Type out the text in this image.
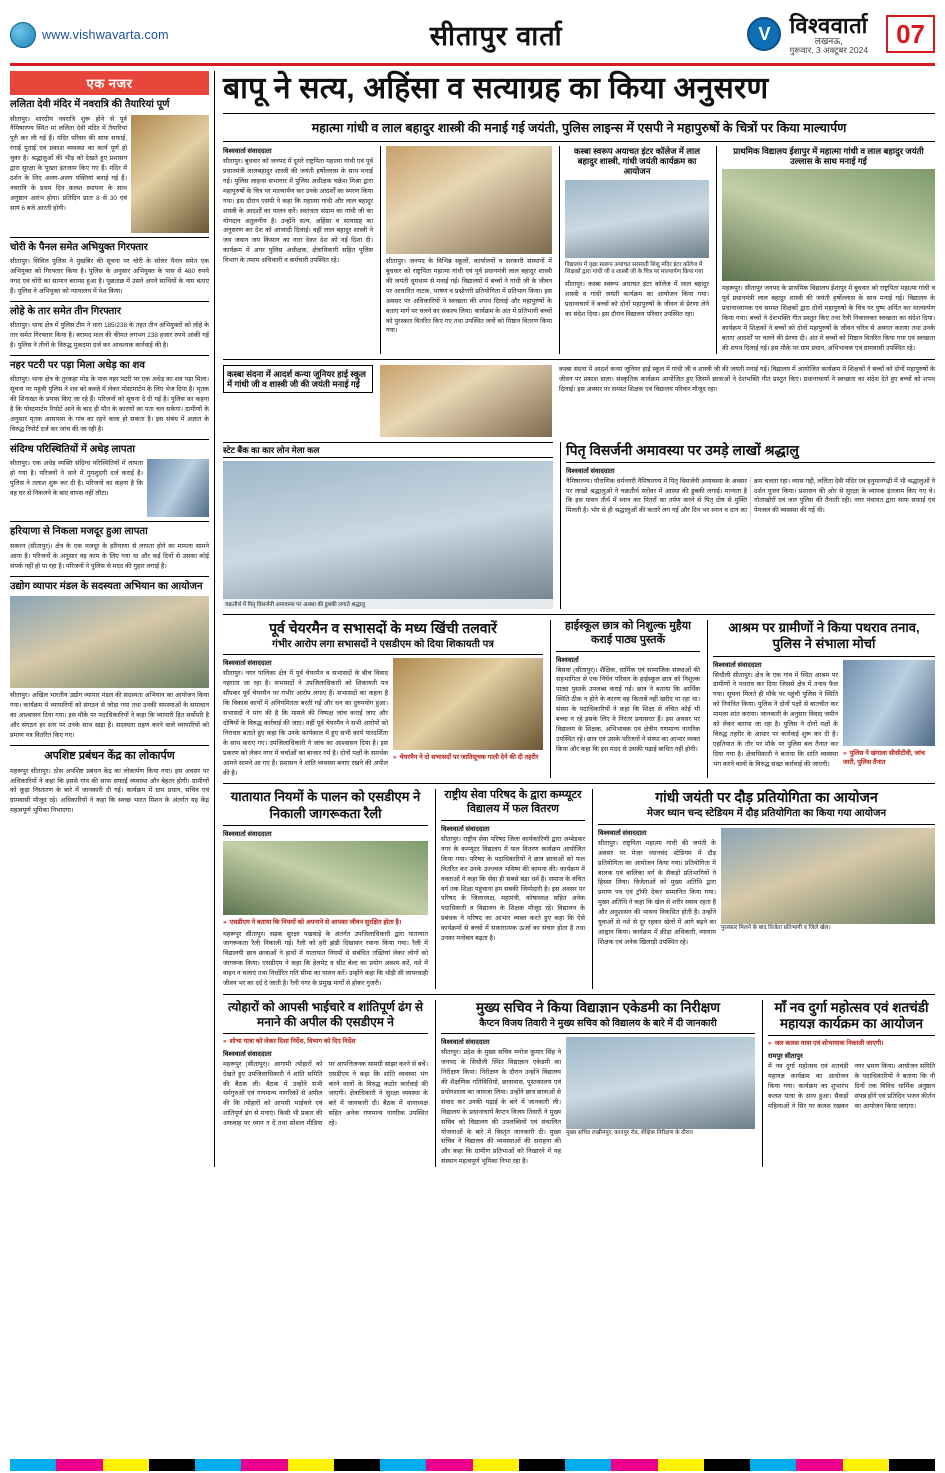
www.vishwavarta.com	सीतापुर वार्ता	V विश्ववार्ता
लखनऊ,
गुरूवार, 3 अक्टूबर 2024
07
एक नजर
ललिता देवी मंदिर में नवरात्रि की तैयारियां पूर्ण
सीतापुर। शारदीय नवरात्रि शुरू होने से पूर्व नैमिषारण्य स्थित मां ललिता देवी मंदिर में तैयारियां पूरी कर ली गई हैं। मंदिर परिसर की साफ सफाई, रंगाई पुताई एवं प्रकाश व्यवस्था का कार्य पूर्ण हो चुका है। श्रद्धालुओं की भीड़ को देखते हुए प्रशासन द्वारा सुरक्षा के पुख्ता इंतजाम किए गए हैं। मंदिर में दर्शन के लिए अलग-अलग पंक्तियां बनाई गई हैं। नवरात्रि के प्रथम दिन कलश स्थापना के साथ अनुष्ठान आरंभ होगा। प्रतिदिन प्रातः 8 से 30 एवं सायं 6 बजे आरती होगी।
चोरी के पैनल समेत अभियुक्त गिरफ्तार
सीतापुर। सिविल पुलिस ने मुखबिर की सूचना पर चोरी के सोलर पैनल समेत एक अभियुक्त को गिरफ्तार किया है। पुलिस के अनुसार अभियुक्त के पास से 480 रुपये नगद एवं चोरी का सामान बरामद हुआ है। पूछताछ में उसने अपने साथियों के नाम बताए हैं। पुलिस ने अभियुक्त को न्यायालय में पेश किया।
लोहे के तार समेत तीन गिरफ्तार
सीतापुर। थाना क्षेत्र में पुलिस टीम ने धारा 185/238 के तहत तीन अभियुक्तों को लोहे के तार समेत गिरफ्तार किया है। बरामद माल की कीमत लगभग 238 हजार रुपये आंकी गई है। पुलिस ने तीनों के विरुद्ध मुकदमा दर्ज कर आवश्यक कार्रवाई की है।
नहर पटरी पर पड़ा मिला अधेड़ का शव
सीतापुर। थाना क्षेत्र के तुरकहा मोड़ के पास नहर पटरी पर एक अधेड़ का शव पड़ा मिला। सूचना पर पहुंची पुलिस ने शव को कब्जे में लेकर पोस्टमार्टम के लिए भेज दिया है। मृतक की शिनाख्त के प्रयास किए जा रहे हैं। परिजनों को सूचना दे दी गई है। पुलिस का कहना है कि पोस्टमार्टम रिपोर्ट आने के बाद ही मौत के कारणों का पता चल सकेगा। ग्रामीणों के अनुसार मृतक आसपास के गांव का रहने वाला हो सकता है। इस संबंध में अज्ञात के विरुद्ध रिपोर्ट दर्ज कर जांच की जा रही है।
संदिग्ध परिस्थितियों में अधेड़ लापता
सीतापुर। एक अधेड़ व्यक्ति संदिग्ध परिस्थितियों में लापता हो गया है। परिजनों ने थाने में गुमशुदगी दर्ज कराई है। पुलिस ने तलाश शुरू कर दी है। परिजनों का कहना है कि वह घर से निकलने के बाद वापस नहीं लौटा।
हरियाणा से निकला मजदूर हुआ लापता
सकरन (सीतापुर)। क्षेत्र के एक मजदूर के हरियाणा से लापता होने का मामला सामने आया है। परिजनों के अनुसार वह काम के लिए गया था और कई दिनों से उसका कोई संपर्क नहीं हो पा रहा है। परिजनों ने पुलिस से मदद की गुहार लगाई है।
उद्योग व्यापार मंडल के सदस्यता अभियान का आयोजन
सीतापुर। अखिल भारतीय उद्योग व्यापार मंडल की सदस्यता अभियान का आयोजन किया गया। कार्यक्रम में व्यापारियों को संगठन से जोड़ा गया तथा उनकी समस्याओं के समाधान का आश्वासन दिया गया। इस मौके पर पदाधिकारियों ने कहा कि व्यापारी हित सर्वोपरि है और संगठन हर स्तर पर उनके साथ खड़ा है। सदस्यता ग्रहण करने वाले व्यापारियों को प्रमाण पत्र वितरित किए गए।
अपशिष्ट प्रबंधन केंद्र का लोकार्पण
महरूपुर सीतापुर। ठोस अपशिष्ट प्रबंधन केंद्र का लोकार्पण किया गया। इस अवसर पर अधिकारियों ने कहा कि इससे गांव की साफ सफाई व्यवस्था और बेहतर होगी। ग्रामीणों को कूड़ा निस्तारण के बारे में जानकारी दी गई। कार्यक्रम में ग्राम प्रधान, सचिव एवं ग्रामवासी मौजूद रहे। अधिकारियों ने कहा कि स्वच्छ भारत मिशन के अंतर्गत यह केंद्र महत्वपूर्ण भूमिका निभाएगा।
बापू ने सत्य, अहिंसा व सत्याग्रह का किया अनुसरण
महात्मा गांधी व लाल बहादुर शास्त्री की मनाई गई जयंती, पुलिस लाइन्स में एसपी ने महापुरुषों के चित्रों पर किया माल्यार्पण
विश्ववार्ता संवाददाता
सीतापुर। बुधवार को जनपद में दूसरे राष्ट्रपिता महात्मा गांधी एवं पूर्व प्रधानमंत्री लालबहादुर शास्त्री की जयंती हर्षोल्लास के साथ मनाई गई। पुलिस लाइन्स सभागार में पुलिस अधीक्षक चक्रेश मिश्रा द्वारा महापुरुषों के चित्र पर माल्यार्पण कर उनके आदर्शों का स्मरण किया गया। इस दौरान एसपी ने कहा कि महात्मा गांधी और लाल बहादुर शास्त्री के आदर्शों का पालन करें। स्वतंत्रता संग्राम का गांधी जी का योगदान अतुलनीय है। उन्होंने सत्य, अहिंसा व सत्याग्रह का अनुसरण कर देश को आजादी दिलाई। वहीं लाल बहादुर शास्त्री ने जय जवान जय किसान का नारा देकर देश को नई दिशा दी। कार्यक्रम में अपर पुलिस अधीक्षक, क्षेत्राधिकारी सहित पुलिस विभाग के तमाम अधिकारी व कर्मचारी उपस्थित रहे।	सीतापुर। जनपद के विभिन्न स्कूलों, कार्यालयों व सरकारी संस्थानों में बुधवार को राष्ट्रपिता महात्मा गांधी एवं पूर्व प्रधानमंत्री लाल बहादुर शास्त्री की जयंती धूमधाम से मनाई गई। विद्यालयों में बच्चों ने गांधी जी के जीवन पर आधारित नाटक, भाषण व प्रश्नोत्तरी प्रतियोगिता में प्रतिभाग किया। इस अवसर पर अधिकारियों ने स्वच्छता की शपथ दिलाई और महापुरुषों के बताए मार्ग पर चलने का संकल्प लिया। कार्यक्रम के अंत में प्रतिभागी बच्चों को पुरस्कार वितरित किए गए तथा उपस्थित जनों को मिष्ठान वितरण किया गया।
कस्बा स्वरूप अयाचत इंटर कॉलेज में लाल बहादुर शास्त्री, गांधी जयंती कार्यक्रम का आयोजन
विद्यालय में वृक्षा स्वरूप अयाचत सरस्वती शिशु मंदिर इंटर कॉलेज में शिक्षकों द्वारा गांधी जी व शास्त्री जी के चित्र पर माल्यार्पण किया गया
सीतापुर। कस्बा स्वरूप अयाचत इंटर कॉलेज में लाल बहादुर शास्त्री व गांधी जयंती कार्यक्रम का आयोजन किया गया। प्रधानाचार्य ने बच्चों को दोनों महापुरुषों के जीवन से प्रेरणा लेने का संदेश दिया। इस दौरान विद्यालय परिवार उपस्थित रहा।
प्राथमिक विद्यालय ईशापुर में महात्मा गांधी व लाल बहादुर जयंती उल्लास के साथ मनाई गई
महरूपुर। सीतापुर जनपद के प्राथमिक विद्यालय ईशापुर में बुधवार को राष्ट्रपिता महात्मा गांधी व पूर्व प्रधानमंत्री लाल बहादुर शास्त्री की जयंती हर्षोल्लास के साथ मनाई गई। विद्यालय के प्रधानाध्यापक एवं समस्त शिक्षकों द्वारा दोनों महापुरुषों के चित्र पर पुष्प अर्पित कर माल्यार्पण किया गया। बच्चों ने देशभक्ति गीत प्रस्तुत किए तथा रैली निकालकर स्वच्छता का संदेश दिया। कार्यक्रम में शिक्षकों ने बच्चों को दोनों महापुरुषों के जीवन चरित्र से अवगत कराया तथा उनके बताए आदर्शों पर चलने की प्रेरणा दी। अंत में बच्चों को मिष्ठान वितरित किया गया एवं स्वच्छता की शपथ दिलाई गई। इस मौके पर ग्राम प्रधान, अभिभावक एवं ग्रामवासी उपस्थित रहे।
कस्बा संदना में आदर्श कन्या जूनियर हाई स्कूल में गांधी जी व शास्त्री जी की जयंती मनाई गई
कस्बा संदना में आदर्श कन्या जूनियर हाई स्कूल में गांधी जी व शास्त्री जी की जयंती मनाई गई। विद्यालय में आयोजित कार्यक्रम में शिक्षकों ने बच्चों को दोनों महापुरुषों के जीवन पर प्रकाश डाला। संस्कृतिक कार्यक्रम आयोजित हुए जिसमें छात्राओं ने देशभक्ति गीत प्रस्तुत किए। प्रधानाचार्या ने स्वच्छता का संदेश देते हुए बच्चों को शपथ दिलाई। इस अवसर पर समस्त शिक्षक एवं विद्यालय परिवार मौजूद रहा।
स्टेट बैंक का कार लोन मेला कल
चक्रतीर्थ में पितृ विसर्जनी अमावस्या पर आस्था की डुबकी लगाते श्रद्धालु
पितृ विसर्जनी अमावस्या पर उमड़े लाखों श्रद्धालु
विश्ववार्ता संवाददाता
नैमिषारण्य। पौराणिक धर्मनगरी नैमिषारण्य में पितृ विसर्जनी अमावस्या के अवसर पर लाखों श्रद्धालुओं ने चक्रतीर्थ सरोवर में आस्था की डुबकी लगाई। मान्यता है कि इस पावन तीर्थ में स्नान कर पितरों का तर्पण करने से पितृ दोष से मुक्ति मिलती है। भोर से ही श्रद्धालुओं की कतारें लग गईं और दिन भर स्नान व दान का क्रम चलता रहा। व्यास गद्दी, ललिता देवी मंदिर एवं हनुमानगढ़ी में भी श्रद्धालुओं ने दर्शन पूजन किया। प्रशासन की ओर से सुरक्षा के व्यापक इंतजाम किए गए थे। गोताखोरों एवं जल पुलिस की तैनाती रही। नगर पंचायत द्वारा साफ सफाई एवं पेयजल की व्यवस्था की गई थी।
पूर्व चेयरमैन व सभासदों के मध्य खिंची तलवारें
गंभीर आरोप लगा सभासदों ने एसडीएम को दिया शिकायती पत्र
विश्ववार्ता संवाददाता
सीतापुर। नगर पालिका क्षेत्र में पूर्व चेयरमैन व सभासदों के बीच विवाद गहराता जा रहा है। सभासदों ने उपजिलाधिकारी को शिकायती पत्र सौंपकर पूर्व चेयरमैन पर गंभीर आरोप लगाए हैं। सभासदों का कहना है कि विकास कार्यों में अनियमितता बरती गई और धन का दुरुपयोग हुआ। सभासदों ने मांग की है कि मामले की निष्पक्ष जांच कराई जाए और दोषियों के विरुद्ध कार्रवाई की जाए। वहीं पूर्व चेयरमैन ने सभी आरोपों को निराधार बताते हुए कहा कि उनके कार्यकाल में हुए सभी कार्य पारदर्शिता के साथ कराए गए। उपजिलाधिकारी ने जांच का आश्वासन दिया है। इस प्रकरण को लेकर नगर में चर्चाओं का बाजार गर्म है। दोनों पक्षों के समर्थक आमने सामने आ गए हैं। प्रशासन ने शांति व्यवस्था बनाए रखने की अपील की है।
» चेयरमैन ने दो सभासदों पर जातिसूचक गाली देने की दी तहरीर
हाईस्कूल छात्र को निशुल्क मुहैया कराई पाठ्य पुस्तकें
विश्ववार्ता
बिसवां (सीतापुर)। शैक्षिक, धार्मिक एवं सामाजिक संस्थाओं की सहभागिता से एक निर्धन परिवार के हाईस्कूल छात्र को निशुल्क पाठ्य पुस्तकें उपलब्ध कराई गईं। छात्र ने बताया कि आर्थिक स्थिति ठीक न होने के कारण वह किताबें नहीं खरीद पा रहा था। संस्था के पदाधिकारियों ने कहा कि शिक्षा से वंचित कोई भी बच्चा न रहे इसके लिए वे निरंतर प्रयासरत हैं। इस अवसर पर विद्यालय के शिक्षक, अभिभावक एवं क्षेत्रीय गणमान्य नागरिक उपस्थित रहे। छात्र एवं उसके परिजनों ने संस्था का आभार व्यक्त किया और कहा कि इस मदद से उसकी पढ़ाई बाधित नहीं होगी।
आश्रम पर ग्रामीणों ने किया पथराव तनाव, पुलिस ने संभाला मोर्चा
विश्ववार्ता संवाददाता
सिधौली सीतापुर। क्षेत्र के एक गांव में स्थित आश्रम पर ग्रामीणों ने पथराव कर दिया जिससे क्षेत्र में तनाव फैल गया। सूचना मिलते ही मौके पर पहुंची पुलिस ने स्थिति को नियंत्रित किया। पुलिस ने दोनों पक्षों से बातचीत कर मामला शांत कराया। जानकारी के अनुसार विवाद जमीन को लेकर बताया जा रहा है। पुलिस ने दोनों पक्षों के विरुद्ध तहरीर के आधार पर कार्रवाई शुरू कर दी है। एहतियात के तौर पर मौके पर पुलिस बल तैनात कर दिया गया है। क्षेत्राधिकारी ने बताया कि शांति व्यवस्था भंग करने वालों के विरुद्ध सख्त कार्रवाई की जाएगी।
» पुलिस ने खंगाला सीसीटीवी, जांच जारी, पुलिस तैनात
यातायात नियमों के पालन को एसडीएम ने निकाली जागरूकता रैली
विश्ववार्ता संवाददाता
» एसडीएम ने बताया कि नियमों को अपनाने से आपका जीवन सुरक्षित होता है।
महरूपुर सीतापुर। सड़क सुरक्षा पखवाड़े के अंतर्गत उपजिलाधिकारी द्वारा यातायात जागरूकता रैली निकाली गई। रैली को हरी झंडी दिखाकर रवाना किया गया। रैली में विद्यालयी छात्र छात्राओं ने हाथों में यातायात नियमों से संबंधित तख्तियां लेकर लोगों को जागरूक किया। एसडीएम ने कहा कि हेलमेट व सीट बेल्ट का प्रयोग अवश्य करें, नशे में वाहन न चलाएं तथा निर्धारित गति सीमा का पालन करें। उन्होंने कहा कि थोड़ी सी लापरवाही जीवन भर का दर्द दे जाती है। रैली नगर के प्रमुख मार्गों से होकर गुजरी।
राष्ट्रीय सेवा परिषद के द्वारा कम्प्यूटर विद्यालय में फल वितरण
विश्ववार्ता संवाददाता
सीतापुर। राष्ट्रीय सेवा परिषद जिला कार्यकारिणी द्वारा अम्बेडकर नगर के कम्प्यूटर विद्यालय में फल वितरण कार्यक्रम आयोजित किया गया। परिषद के पदाधिकारियों ने छात्र छात्राओं को फल वितरित कर उनके उज्ज्वल भविष्य की कामना की। कार्यक्रम में वक्ताओं ने कहा कि सेवा ही सबसे बड़ा धर्म है। समाज के वंचित वर्ग तक शिक्षा पहुंचाना हम सबकी जिम्मेदारी है। इस अवसर पर परिषद के जिलाध्यक्ष, महामंत्री, कोषाध्यक्ष सहित अनेक पदाधिकारी व विद्यालय के शिक्षक मौजूद रहे। विद्यालय के प्रबंधक ने परिषद का आभार व्यक्त करते हुए कहा कि ऐसे कार्यक्रमों से बच्चों में सकारात्मक ऊर्जा का संचार होता है तथा उनका मनोबल बढ़ता है।
गांधी जयंती पर दौड़ प्रतियोगिता का आयोजन
मेजर ध्यान चन्द स्टेडियम में दौड़ प्रतियोगिता का किया गया आयोजन
विश्ववार्ता संवाददाता
सीतापुर। राष्ट्रपिता महात्मा गांधी की जयंती के अवसर पर मेजर ध्यानचंद स्टेडियम में दौड़ प्रतियोगिता का आयोजन किया गया। प्रतियोगिता में बालक एवं बालिका वर्ग के सैकड़ों प्रतिभागियों ने हिस्सा लिया। विजेताओं को मुख्य अतिथि द्वारा प्रमाण पत्र एवं ट्रॉफी देकर सम्मानित किया गया। मुख्य अतिथि ने कहा कि खेल से शरीर स्वस्थ रहता है और अनुशासन की भावना विकसित होती है। उन्होंने युवाओं से नशे से दूर रहकर खेलों में आगे बढ़ने का आह्वान किया। कार्यक्रम में क्रीड़ा अधिकारी, व्यायाम शिक्षक एवं अनेक खिलाड़ी उपस्थित रहे।
पुरस्कार मिलने के बाद विजेता प्रतिभागी व जिले खेल।
त्योहारों को आपसी भाईचारे व शांतिपूर्ण ढंग से मनाने की अपील की एसडीएम ने
» शोभा यात्रा को लेकर दिशा निर्देश, विभाग को दिए निर्देश
विश्ववार्ता संवाददाता
महरूपुर (सीतापुर)। आगामी त्योहारों को देखते हुए उपजिलाधिकारी ने शांति समिति की बैठक ली। बैठक में उन्होंने सभी धर्मगुरुओं एवं गणमान्य नागरिकों से अपील की कि त्योहारों को आपसी भाईचारे एवं शांतिपूर्ण ढंग से मनाएं। किसी भी प्रकार की अफवाह पर ध्यान न दें तथा सोशल मीडिया पर आपत्तिजनक सामग्री साझा करने से बचें। एसडीएम ने कहा कि शांति व्यवस्था भंग करने वालों के विरुद्ध कठोर कार्रवाई की जाएगी। क्षेत्राधिकारी ने सुरक्षा व्यवस्था के बारे में जानकारी दी। बैठक में थानाध्यक्ष सहित अनेक गणमान्य नागरिक उपस्थित रहे।
मुख्य सचिव ने किया विद्याज्ञान एकेडमी का निरीक्षण
कैप्टन विजय तिवारी ने मुख्य सचिव को विद्यालय के बारे में दी जानकारी
विश्ववार्ता संवाददाता
सीतापुर। प्रदेश के मुख्य सचिव मनोज कुमार सिंह ने जनपद के सिधौली स्थित विद्याज्ञान एकेडमी का निरीक्षण किया। निरीक्षण के दौरान उन्होंने विद्यालय की शैक्षणिक गतिविधियों, छात्रावास, पुस्तकालय एवं प्रयोगशाला का जायजा लिया। उन्होंने छात्र छात्राओं से संवाद कर उनकी पढ़ाई के बारे में जानकारी ली। विद्यालय के प्रधानाचार्य कैप्टन विजय तिवारी ने मुख्य सचिव को विद्यालय की उपलब्धियों एवं संचालित योजनाओं के बारे में विस्तृत जानकारी दी। मुख्य सचिव ने विद्यालय की व्यवस्थाओं की सराहना की और कहा कि ग्रामीण प्रतिभाओं को निखारने में यह संस्थान महत्वपूर्ण भूमिका निभा रहा है।
मुख्य सचिव लखीमपुर, कानपुर रोड, शैक्षिक निरीक्षण के दौरान
माँ नव दुर्गा महोत्सव एवं शतचंडी महायज्ञ कार्यक्रम का आयोजन
» जल कलश यात्रा एवं शोभायात्रा निकाली जाएगी।
रामपुर सीतापुर
में नव दुर्गा महोत्सव एवं शतचंडी महायज्ञ कार्यक्रम का आयोजन किया गया। कार्यक्रम का शुभारंभ कलश यात्रा के साथ हुआ। सैकड़ों महिलाओं ने सिर पर कलश रखकर नगर भ्रमण किया। आयोजन समिति के पदाधिकारियों ने बताया कि नौ दिनों तक विविध धार्मिक अनुष्ठान संपन्न होंगे एवं प्रतिदिन भजन कीर्तन का आयोजन किया जाएगा।
